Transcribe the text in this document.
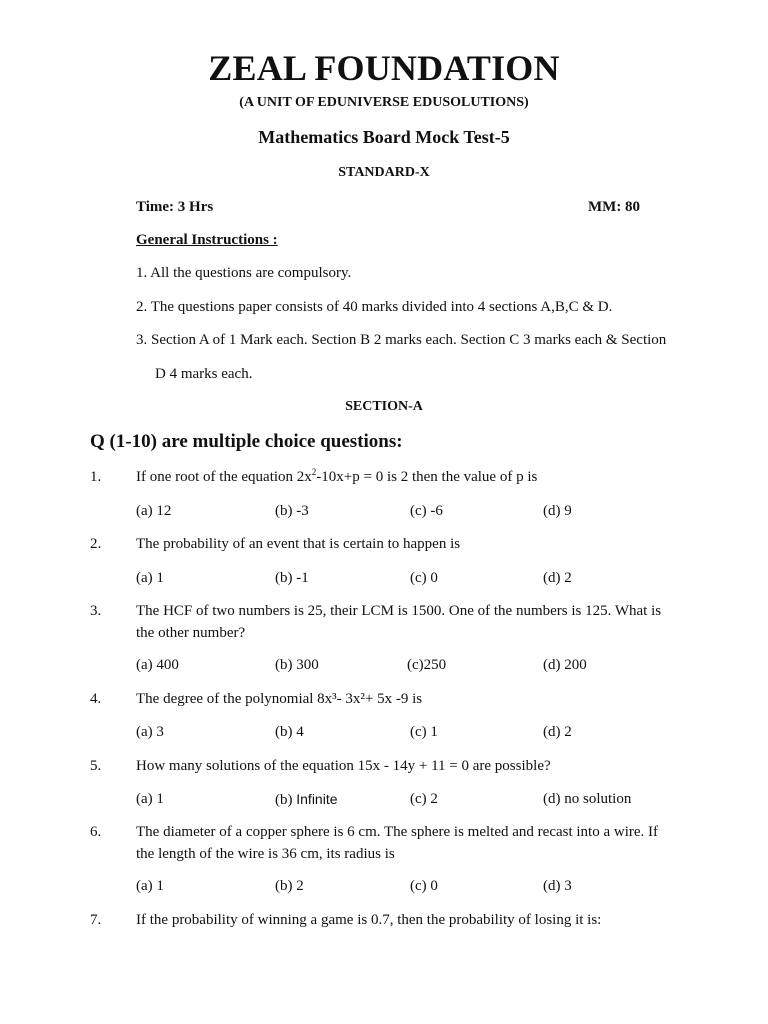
ZEAL FOUNDATION
(A UNIT OF EDUNIVERSE EDUSOLUTIONS)
Mathematics Board Mock Test-5
STANDARD-X
Time: 3 Hrs	MM: 80
General Instructions :
1. All the questions are compulsory.
2. The questions paper consists of 40 marks divided into 4 sections A,B,C & D.
3. Section A of 1 Mark each. Section B 2 marks each. Section C 3 marks each & Section
D 4 marks each.
SECTION-A
Q (1-10) are multiple choice questions:
1. If one root of the equation $2x^2-10x+p = 0$ is 2 then the value of p is
(a) 12	(b) -3	(c) -6	(d) 9
2. The probability of an event that is certain to happen is
(a) 1	(b) -1	(c) 0	(d) 2
3. The HCF of two numbers is 25, their LCM is 1500. One of the numbers is 125. What is
the other number?
(a) 400	(b) 300	(c)250	(d) 200
4. The degree of the polynomial 8x³- 3x²+ 5x -9 is
(a) 3	(b) 4	(c) 1	(d) 2
5. How many solutions of the equation 15x - 14y + 11 = 0 are possible?
(a) 1	(b) Infinite	(c) 2	(d) no solution
6. The diameter of a copper sphere is 6 cm. The sphere is melted and recast into a wire. If
the length of the wire is 36 cm, its radius is
(a) 1	(b) 2	(c) 0	(d) 3
7. If the probability of winning a game is 0.7, then the probability of losing it is:
